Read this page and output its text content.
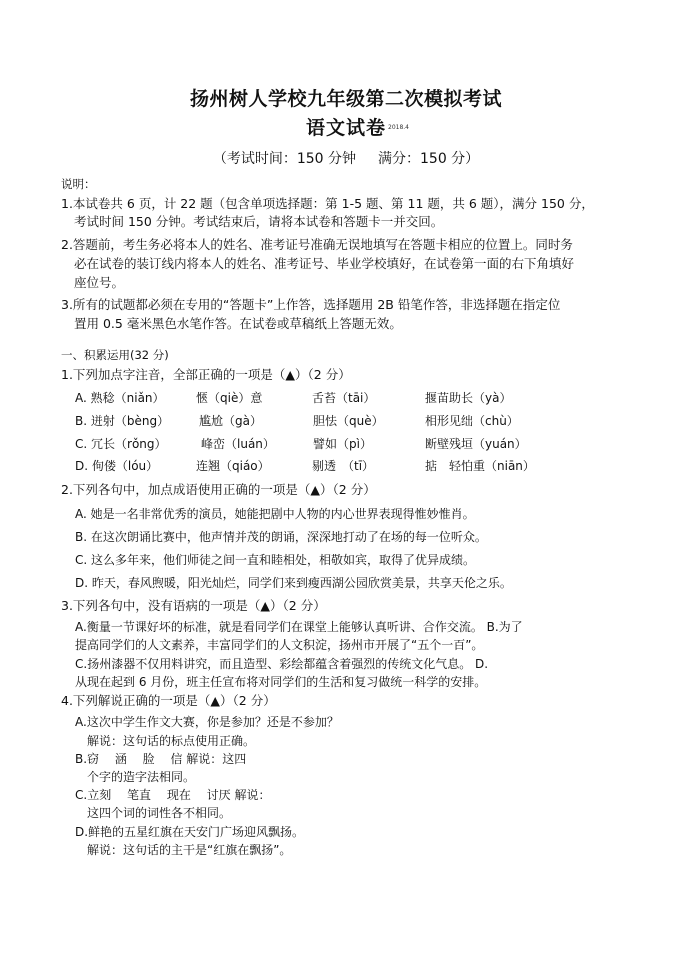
扬州树人学校九年级第二次模拟考试
语文试卷 2018.4
（考试时间：150 分钟 满分：150 分）
说明：
1.本试卷共 6 页，计 22 题（包含单项选择题：第 1-5 题、第 11 题，共 6 题），满分 150 分，
考试时间 150 分钟。考试结束后，请将本试卷和答题卡一并交回。
2.答题前，考生务必将本人的姓名、准考证号准确无误地填写在答题卡相应的位置上。同时务
必在试卷的装订线内将本人的姓名、准考证号、毕业学校填好，在试卷第一面的右下角填好
座位号。
3.所有的试题都必须在专用的“答题卡”上作答，选择题用 2B 铅笔作答，非选择题在指定位
置用 0.5 毫米黑色水笔作答。在试卷或草稿纸上答题无效。
一、积累运用(32 分)
1.下列加点字注音，全部正确的一项是（▲）（2 分）
A. 熟稔（niǎn）	愜（qiè）意	舌苔（tāi）	揠苗助长（yà）
B. 迸射（bèng） 尴尬（gà）	胆怯（què）	相形见绌（chù）
C. 冗长（rǒng）	峰峦（luán）	譬如（pì）	断壁残垣（yuán）
D. 佝偻（lóu）	连翘（qiáo）	剔透　（tī）	掂　轻怕重（niān）
2.下列各句中，加点成语使用正确的一项是（▲）（2 分）
A. 她是一名非常优秀的演员，她能把剧中人物的内心世界表现得惟妙惟肖。
B. 在这次朗诵比赛中，他声情并茂的朗诵，深深地打动了在场的每一位听众。
C. 这么多年来，他们师徒之间一直和睦相处，相敬如宾，取得了优异成绩。
D. 昨天，春风煦暖，阳光灿烂，同学们来到瘦西湖公园欣赏美景，共享天伦之乐。
3.下列各句中，没有语病的一项是（▲）（2 分）
A.衡量一节课好坏的标准，就是看同学们在课堂上能够认真听讲、合作交流。 B.为了
提高同学们的人文素养，丰富同学们的人文积淀，扬州市开展了“五个一百”。
C.扬州漆器不仅用料讲究，而且造型、彩绘都蕴含着强烈的传统文化气息。 D.
从现在起到 6 月份，班主任宣布将对同学们的生活和复习做统一科学的安排。
4.下列解说正确的一项是（▲）（2 分）
A.这次中学生作文大赛，你是参加？还是不参加？
解说：这句话的标点使用正确。
B.窃　 涵　 脸　 信 解说：这四
个字的造字法相同。
C.立刻　 笔直　 现在　 讨厌 解说：
这四个词的词性各不相同。
D.鲜艳的五星红旗在天安门广场迎风飘扬。
解说：这句话的主干是“红旗在飘扬”。
